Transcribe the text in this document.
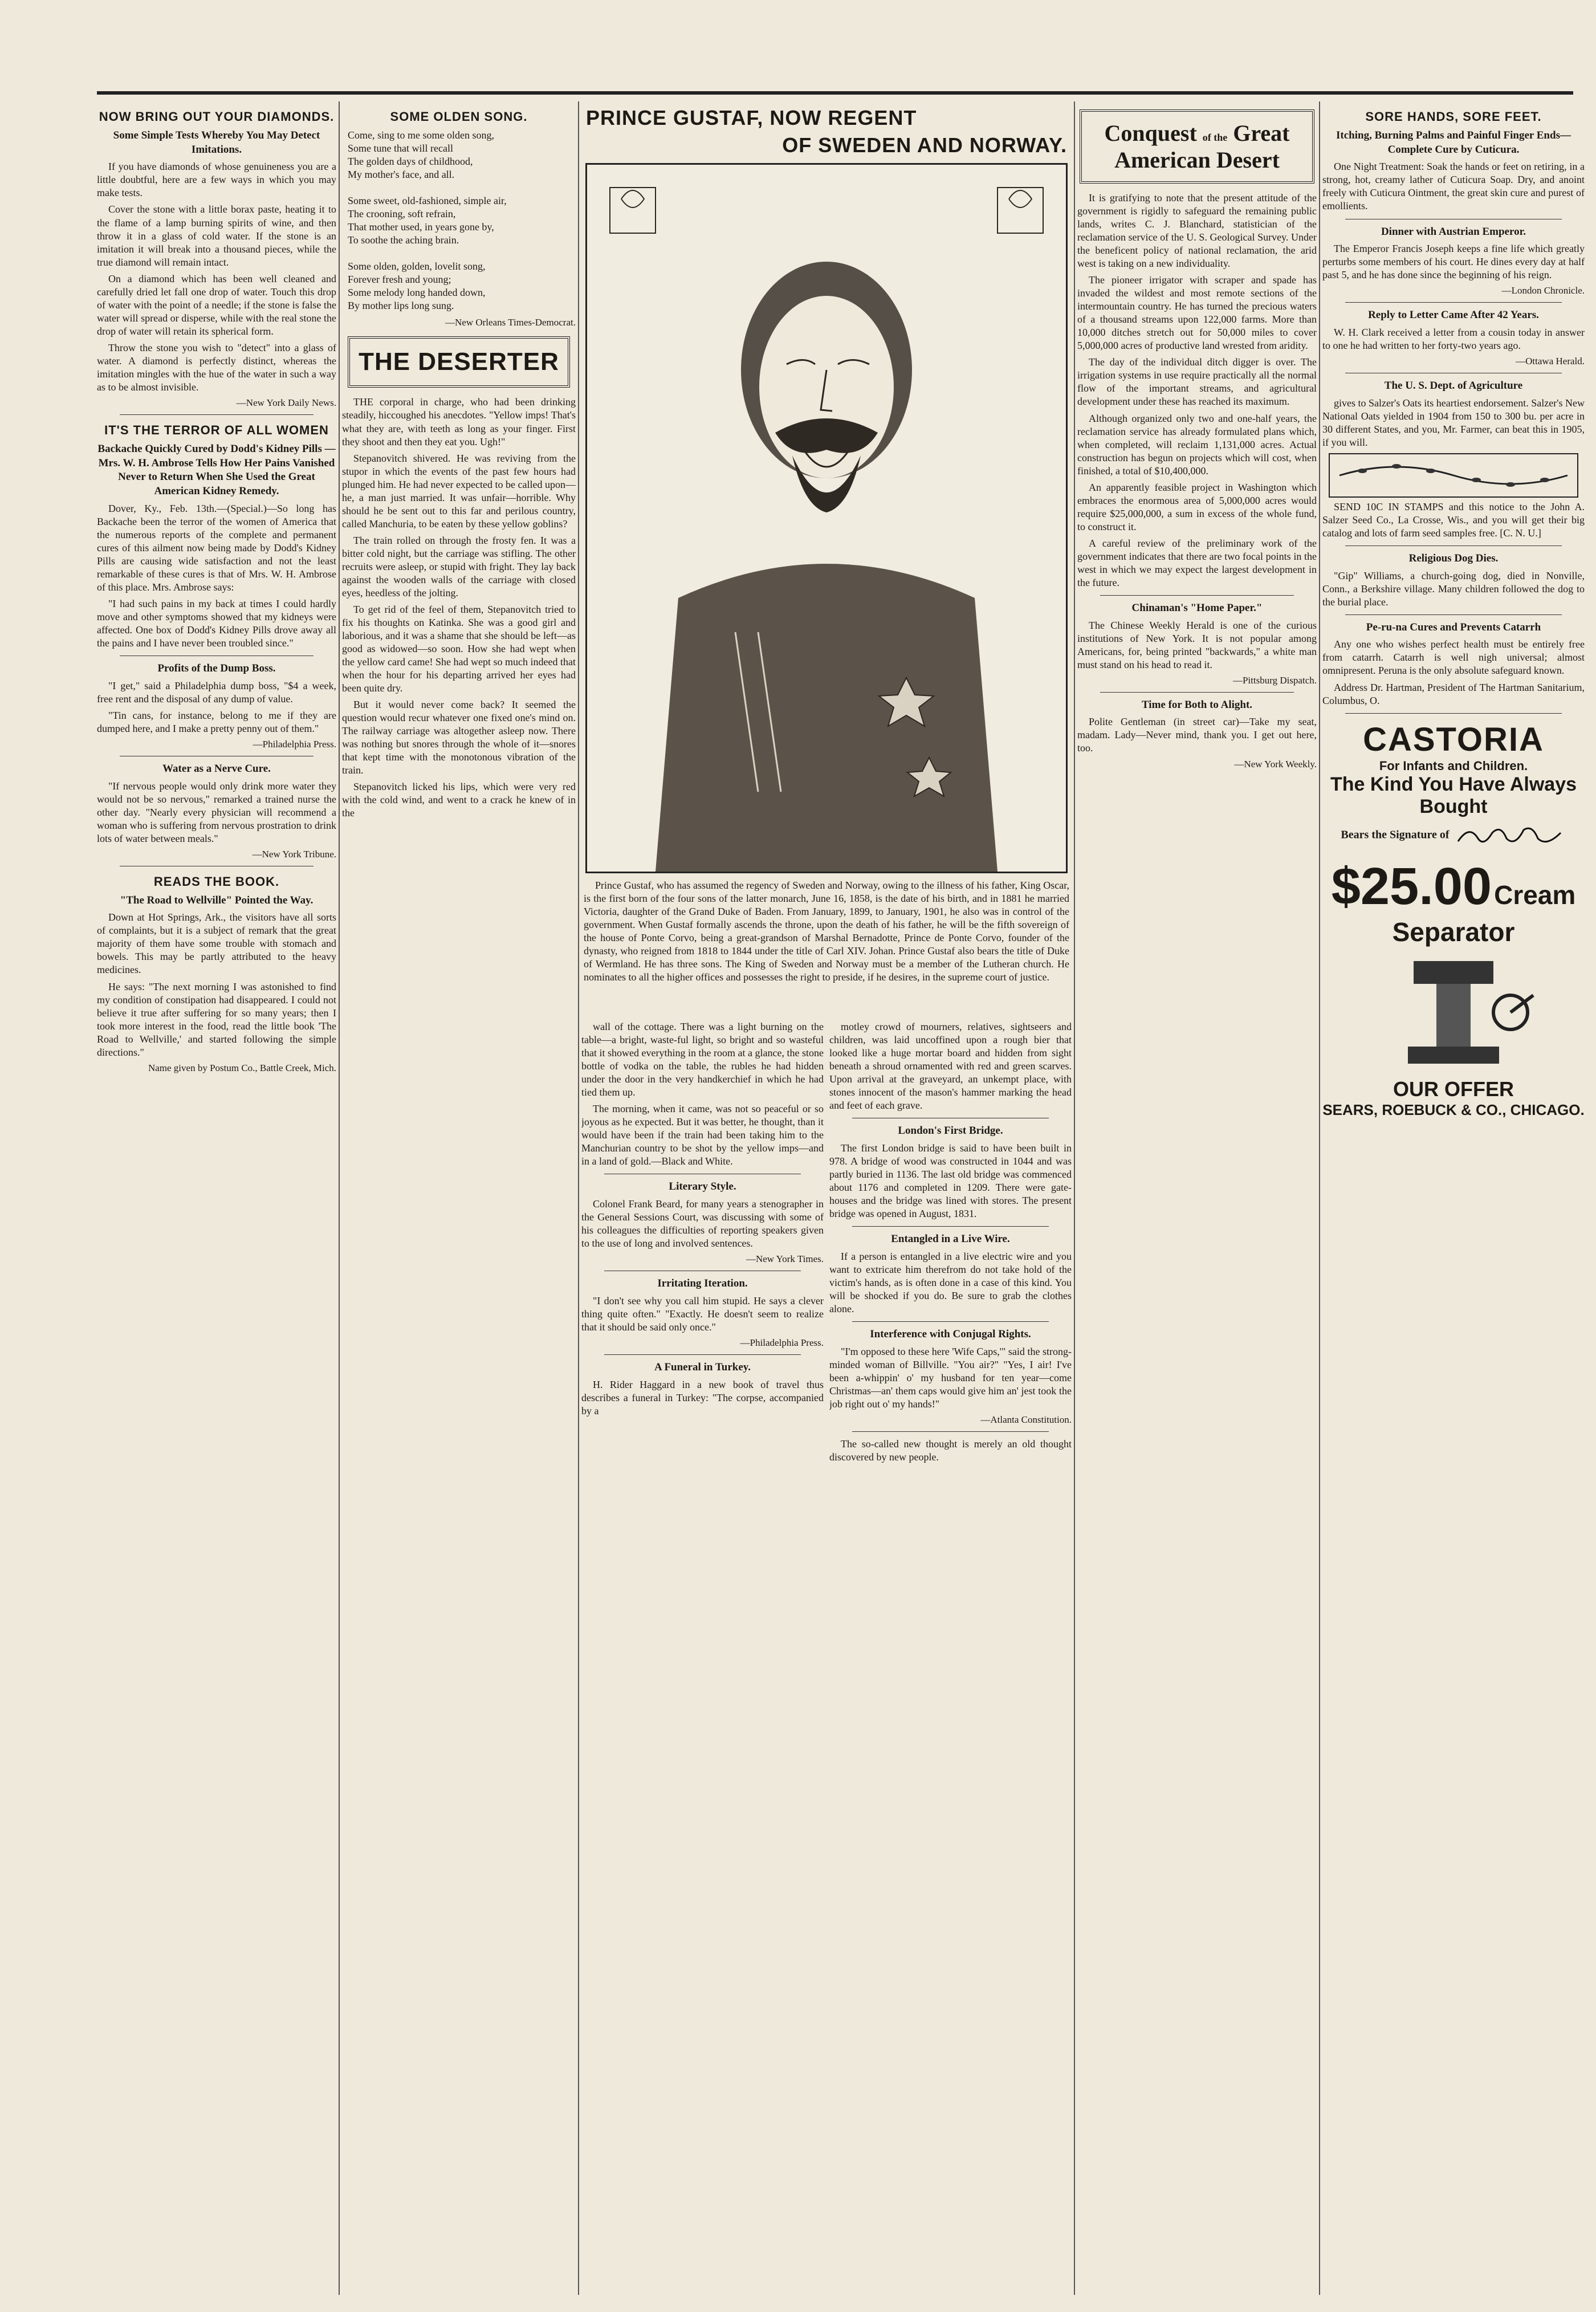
NOW BRING OUT YOUR DIAMONDS.
Some Simple Tests Whereby You May Detect Imitations.

If you have diamonds of whose genuineness you are a little doubtful, here are a few ways in which you may make tests.

Cover the stone with a little borax paste, heating it to the flame of a lamp burning spirits of wine, and then throw it in a glass of cold water. If the stone is an imitation it will break into a thousand pieces, while the true diamond will remain intact.

On a diamond which has been well cleaned and carefully dried let fall one drop of water. Touch this drop of water with the point of a needle; if the stone is false the water will spread or disperse, while with the real stone the drop of water will retain its spherical form.

Throw the stone you wish to "detect" into a glass of water. A diamond is perfectly distinct, whereas the imitation mingles with the hue of the water in such a way as to be almost invisible.

—New York Daily News.
IT'S THE TERROR OF ALL WOMEN
Backache Quickly Cured by Dodd's Kidney Pills — Mrs. W. H. Ambrose Tells How Her Pains Vanished Never to Return When She Used the Great American Kidney Remedy.

Dover, Ky., Feb. 13th.—(Special.)—So long has Backache been the terror of the women of America that the numerous reports of the complete and permanent cures of this ailment now being made by Dodd's Kidney Pills are causing wide satisfaction and not the least remarkable of these cures is that of Mrs. W. H. Ambrose of this place. Mrs. Ambrose says:

"I had such pains in my back at times I could hardly move and other symptoms showed that my kidneys were affected. One box of Dodd's Kidney Pills drove away all the pains and I have never been troubled since."

Profits of the Dump Boss.

"I get," said a Philadelphia dump boss, "$4 a week, free rent and the disposal of any dump of value.

"Tin cans, for instance, belong to me if they are dumped here, and I make a pretty penny out of them."

—Philadelphia Press.
Water as a Nerve Cure.

"If nervous people would only drink more water they would not be so nervous," remarked a trained nurse the other day. "Nearly every physician will recommend a woman who is suffering from nervous prostration to drink lots of water between meals."

—New York Tribune.
READS THE BOOK.
"The Road to Wellville" Pointed the Way.

Down at Hot Springs, Ark., the visitors have all sorts of complaints, but it is a subject of remark that the great majority of them have some trouble with stomach and bowels. This may be partly attributed to the heavy medicines.

He says: "The next morning I was astonished to find my condition of constipation had disappeared. I could not believe it true after suffering for so many years; then I took more interest in the food, read the little book 'The Road to Wellville,' and started following the simple directions."

Name given by Postum Co., Battle Creek, Mich.
SOME OLDEN SONG.
Come, sing to me some olden song,
Some tune that will recall
The golden days of childhood,
My mother's face, and all.

Some sweet, old-fashioned, simple air,
The crooning, soft refrain,
That mother used, in years gone by,
To soothe the aching brain.

Some olden, golden, lovelit song,
Forever fresh and young;
Some melody long handed down,
By mother lips long sung.
—New Orleans Times-Democrat.
THE DESERTER

THE corporal in charge, who had been drinking steadily, hiccoughed his anecdotes. "Yellow imps! That's what they are, with teeth as long as your finger. First they shoot and then they eat you. Ugh!"

Stepanovitch shivered. He was reviving from the stupor in which the events of the past few hours had plunged him. He had never expected to be called upon—he, a man just married. It was unfair—horrible. Why should he be sent out to this far and perilous country, called Manchuria, to be eaten by these yellow goblins?

The train rolled on through the frosty fen. It was a bitter cold night, but the carriage was stifling. The other recruits were asleep, or stupid with fright. They lay back against the wooden walls of the carriage with closed eyes, heedless of the jolting.

To get rid of the feel of them, Stepanovitch tried to fix his thoughts on Katinka. She was a good girl and laborious, and it was a shame that she should be left—as good as widowed—so soon. How she had wept when the yellow card came! She had wept so much indeed that when the hour for his departing arrived her eyes had been quite dry.

But it would never come back? It seemed the question would recur whatever one fixed one's mind on. The railway carriage was altogether asleep now. There was nothing but snores through the whole of it—snores that kept time with the monotonous vibration of the train.

Stepanovitch licked his lips, which were very red with the cold wind, and went to a crack he knew of in the

PRINCE GUSTAF, NOW REGENT
OF SWEDEN AND NORWAY.
Prince Gustaf, who has assumed the regency of Sweden and Norway, owing to the illness of his father, King Oscar, is the first born of the four sons of the latter monarch, June 16, 1858, is the date of his birth, and in 1881 he married Victoria, daughter of the Grand Duke of Baden. From January, 1899, to January, 1901, he also was in control of the government. When Gustaf formally ascends the throne, upon the death of his father, he will be the fifth sovereign of the house of Ponte Corvo, being a great-grandson of Marshal Bernadotte, Prince de Ponte Corvo, founder of the dynasty, who reigned from 1818 to 1844 under the title of Carl XIV. Johan. Prince Gustaf also bears the title of Duke of Wermland. He has three sons. The King of Sweden and Norway must be a member of the Lutheran church. He nominates to all the higher offices and possesses the right to preside, if he desires, in the supreme court of justice.

wall of the cottage. There was a light burning on the table—a bright, waste-ful light, so bright and so wasteful that it showed everything in the room at a glance, the stone bottle of vodka on the table, the rubles he had hidden under the door in the very handkerchief in which he had tied them up.

The morning, when it came, was not so peaceful or so joyous as he expected. But it was better, he thought, than it would have been if the train had been taking him to the Manchurian country to be shot by the yellow imps—and in a land of gold.—Black and White.

Literary Style.

Colonel Frank Beard, for many years a stenographer in the General Sessions Court, was discussing with some of his colleagues the difficulties of reporting speakers given to the use of long and involved sentences.

—New York Times.
Irritating Iteration.

"I don't see why you call him stupid. He says a clever thing quite often." "Exactly. He doesn't seem to realize that it should be said only once."

—Philadelphia Press.
A Funeral in Turkey.

H. Rider Haggard in a new book of travel thus describes a funeral in Turkey: "The corpse, accompanied by a

motley crowd of mourners, relatives, sightseers and children, was laid uncoffined upon a rough bier that looked like a huge mortar board and hidden from sight beneath a shroud ornamented with red and green scarves. Upon arrival at the graveyard, an unkempt place, with stones innocent of the mason's hammer marking the head and feet of each grave.

London's First Bridge.

The first London bridge is said to have been built in 978. A bridge of wood was constructed in 1044 and was partly buried in 1136. The last old bridge was commenced about 1176 and completed in 1209. There were gate-houses and the bridge was lined with stores. The present bridge was opened in August, 1831.

Entangled in a Live Wire.

If a person is entangled in a live electric wire and you want to extricate him therefrom do not take hold of the victim's hands, as is often done in a case of this kind. You will be shocked if you do. Be sure to grab the clothes alone.

Interference with Conjugal Rights.

"I'm opposed to these here 'Wife Caps,'" said the strong-minded woman of Billville. "You air?" "Yes, I air! I've been a-whippin' o' my husband for ten year—come Christmas—an' them caps would give him an' jest took the job right out o' my hands!"

—Atlanta Constitution.

The so-called new thought is merely an old thought discovered by new people.

Conquest of the Great
American Desert

It is gratifying to note that the present attitude of the government is rigidly to safeguard the remaining public lands, writes C. J. Blanchard, statistician of the reclamation service of the U. S. Geological Survey. Under the beneficent policy of national reclamation, the arid west is taking on a new individuality.

The pioneer irrigator with scraper and spade has invaded the wildest and most remote sections of the intermountain country. He has turned the precious waters of a thousand streams upon 122,000 farms. More than 10,000 ditches stretch out for 50,000 miles to cover 5,000,000 acres of productive land wrested from aridity.

The day of the individual ditch digger is over. The irrigation systems in use require practically all the normal flow of the important streams, and agricultural development under these has reached its maximum.

Although organized only two and one-half years, the reclamation service has already formulated plans which, when completed, will reclaim 1,131,000 acres. Actual construction has begun on projects which will cost, when finished, a total of $10,400,000.

An apparently feasible project in Washington which embraces the enormous area of 5,000,000 acres would require $25,000,000, a sum in excess of the whole fund, to construct it.

A careful review of the preliminary work of the government indicates that there are two focal points in the west in which we may expect the largest development in the future.

Chinaman's "Home Paper."

The Chinese Weekly Herald is one of the curious institutions of New York. It is not popular among Americans, for, being printed "backwards," a white man must stand on his head to read it.

—Pittsburg Dispatch.
Time for Both to Alight.

Polite Gentleman (in street car)—Take my seat, madam. Lady—Never mind, thank you. I get out here, too.

—New York Weekly.
SORE HANDS, SORE FEET.
Itching, Burning Palms and Painful Finger Ends—Complete Cure by Cuticura.

One Night Treatment: Soak the hands or feet on retiring, in a strong, hot, creamy lather of Cuticura Soap. Dry, and anoint freely with Cuticura Ointment, the great skin cure and purest of emollients.

Dinner with Austrian Emperor.

The Emperor Francis Joseph keeps a fine life which greatly perturbs some members of his court. He dines every day at half past 5, and he has done since the beginning of his reign.

—London Chronicle.
Reply to Letter Came After 42 Years.

W. H. Clark received a letter from a cousin today in answer to one he had written to her forty-two years ago.

—Ottawa Herald.
The U. S. Dept. of Agriculture

gives to Salzer's Oats its heartiest endorsement. Salzer's New National Oats yielded in 1904 from 150 to 300 bu. per acre in 30 different States, and you, Mr. Farmer, can beat this in 1905, if you will.

SEND 10C IN STAMPS and this notice to the John A. Salzer Seed Co., La Crosse, Wis., and you will get their big catalog and lots of farm seed samples free. [C. N. U.]

Religious Dog Dies.

"Gip" Williams, a church-going dog, died in Nonville, Conn., a Berkshire village. Many children followed the dog to the burial place.

Pe-ru-na Cures and Prevents Catarrh

Any one who wishes perfect health must be entirely free from catarrh. Catarrh is well nigh universal; almost omnipresent. Peruna is the only absolute safeguard known.

Address Dr. Hartman, President of The Hartman Sanitarium, Columbus, O.

CASTORIA
For Infants and Children.
The Kind You Have Always Bought
Bears the Signature of
$25.00 Cream Separator
OUR OFFER
SEARS, ROEBUCK & CO., CHICAGO.
